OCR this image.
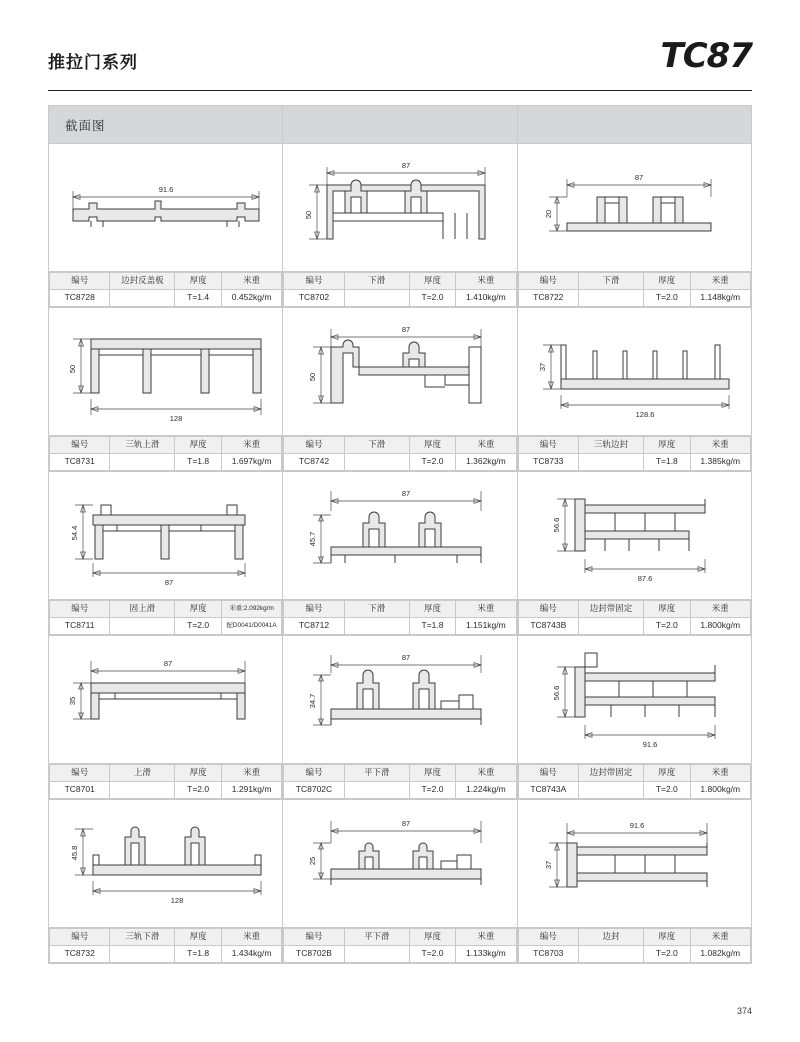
推拉门系列	TC87
截面图

91.6

87
50

87
20

编号	边封反盖板	厚度	米重
TC8728		T=1.4	0.452kg/m

编号	下滑	厚度	米重
TC8702		T=2.0	1.410kg/m

编号	下滑	厚度	米重
TC8722		T=2.0	1.148kg/m

50
128

87
50

37
128.6

编号	三轨上滑	厚度	米重
TC8731		T=1.8	1.697kg/m

编号	下滑	厚度	米重
TC8742		T=2.0	1.362kg/m

编号	三轨边封	厚度	米重
TC8733		T=1.8	1.385kg/m

54.4
87

87
45.7

56.6
87.6

编号	固上滑	厚度	米重:2.092kg/m

TC8711		T=2.0	配D0041/D0041A

编号	下滑	厚度	米重
TC8712		T=1.8	1.151kg/m

编号	边封带固定	厚度	米重
TC8743B		T=2.0	1.800kg/m

87
35

87
34.7

56.6
91.6

编号	上滑	厚度	米重
TC8701		T=2.0	1.291kg/m

编号	平下滑	厚度	米重
TC8702C		T=2.0	1.224kg/m

编号	边封带固定	厚度	米重
TC8743A		T=2.0	1.800kg/m

45.8
128

87
25

91.6
37

编号	三轨下滑	厚度	米重
TC8732		T=1.8	1.434kg/m

编号	平下滑	厚度	米重
TC8702B		T=2.0	1.133kg/m

编号	边封	厚度	米重
TC8703		T=2.0	1.082kg/m
374
